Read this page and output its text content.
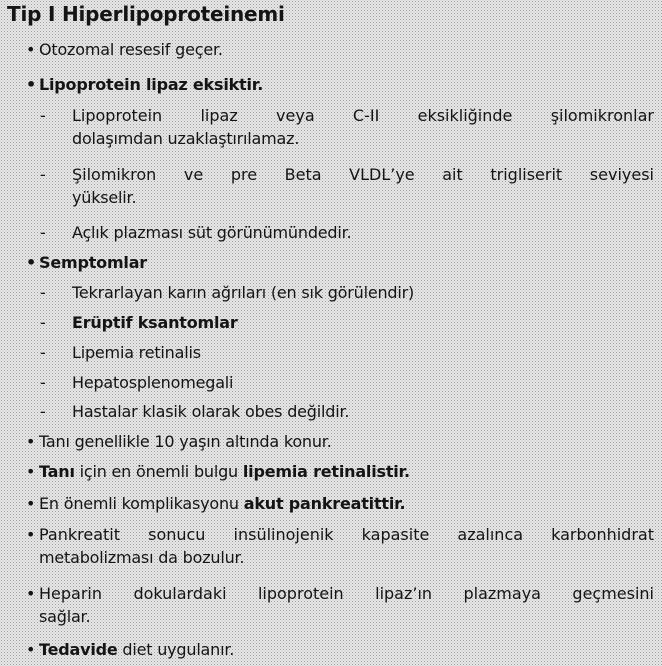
Tip I Hiperlipoproteinemi
• Otozomal resesif geçer.
• Lipoprotein lipaz eksiktir.
- Lipoprotein lipaz veya C-II eksikliğinde şilomikronlar
dolaşımdan uzaklaştırılamaz.
- Şilomikron ve pre Beta VLDL’ye ait trigliserit seviyesi
yükselir.
- Açlık plazması süt görünümündedir.
• Semptomlar
- Tekrarlayan karın ağrıları (en sık görülendir)
- Erüptif ksantomlar
- Lipemia retinalis
- Hepatosplenomegali
- Hastalar klasik olarak obes değildir.
• Tanı genellikle 10 yaşın altında konur.
• Tanı için en önemli bulgu lipemia retinalistir.
• En önemli komplikasyonu akut pankreatittir.
• Pankreatit sonucu insülinojenik kapasite azalınca karbonhidrat
metabolizması da bozulur.
• Heparin dokulardaki lipoprotein lipaz’ın plazmaya geçmesini
sağlar.
• Tedavide diet uygulanır.
